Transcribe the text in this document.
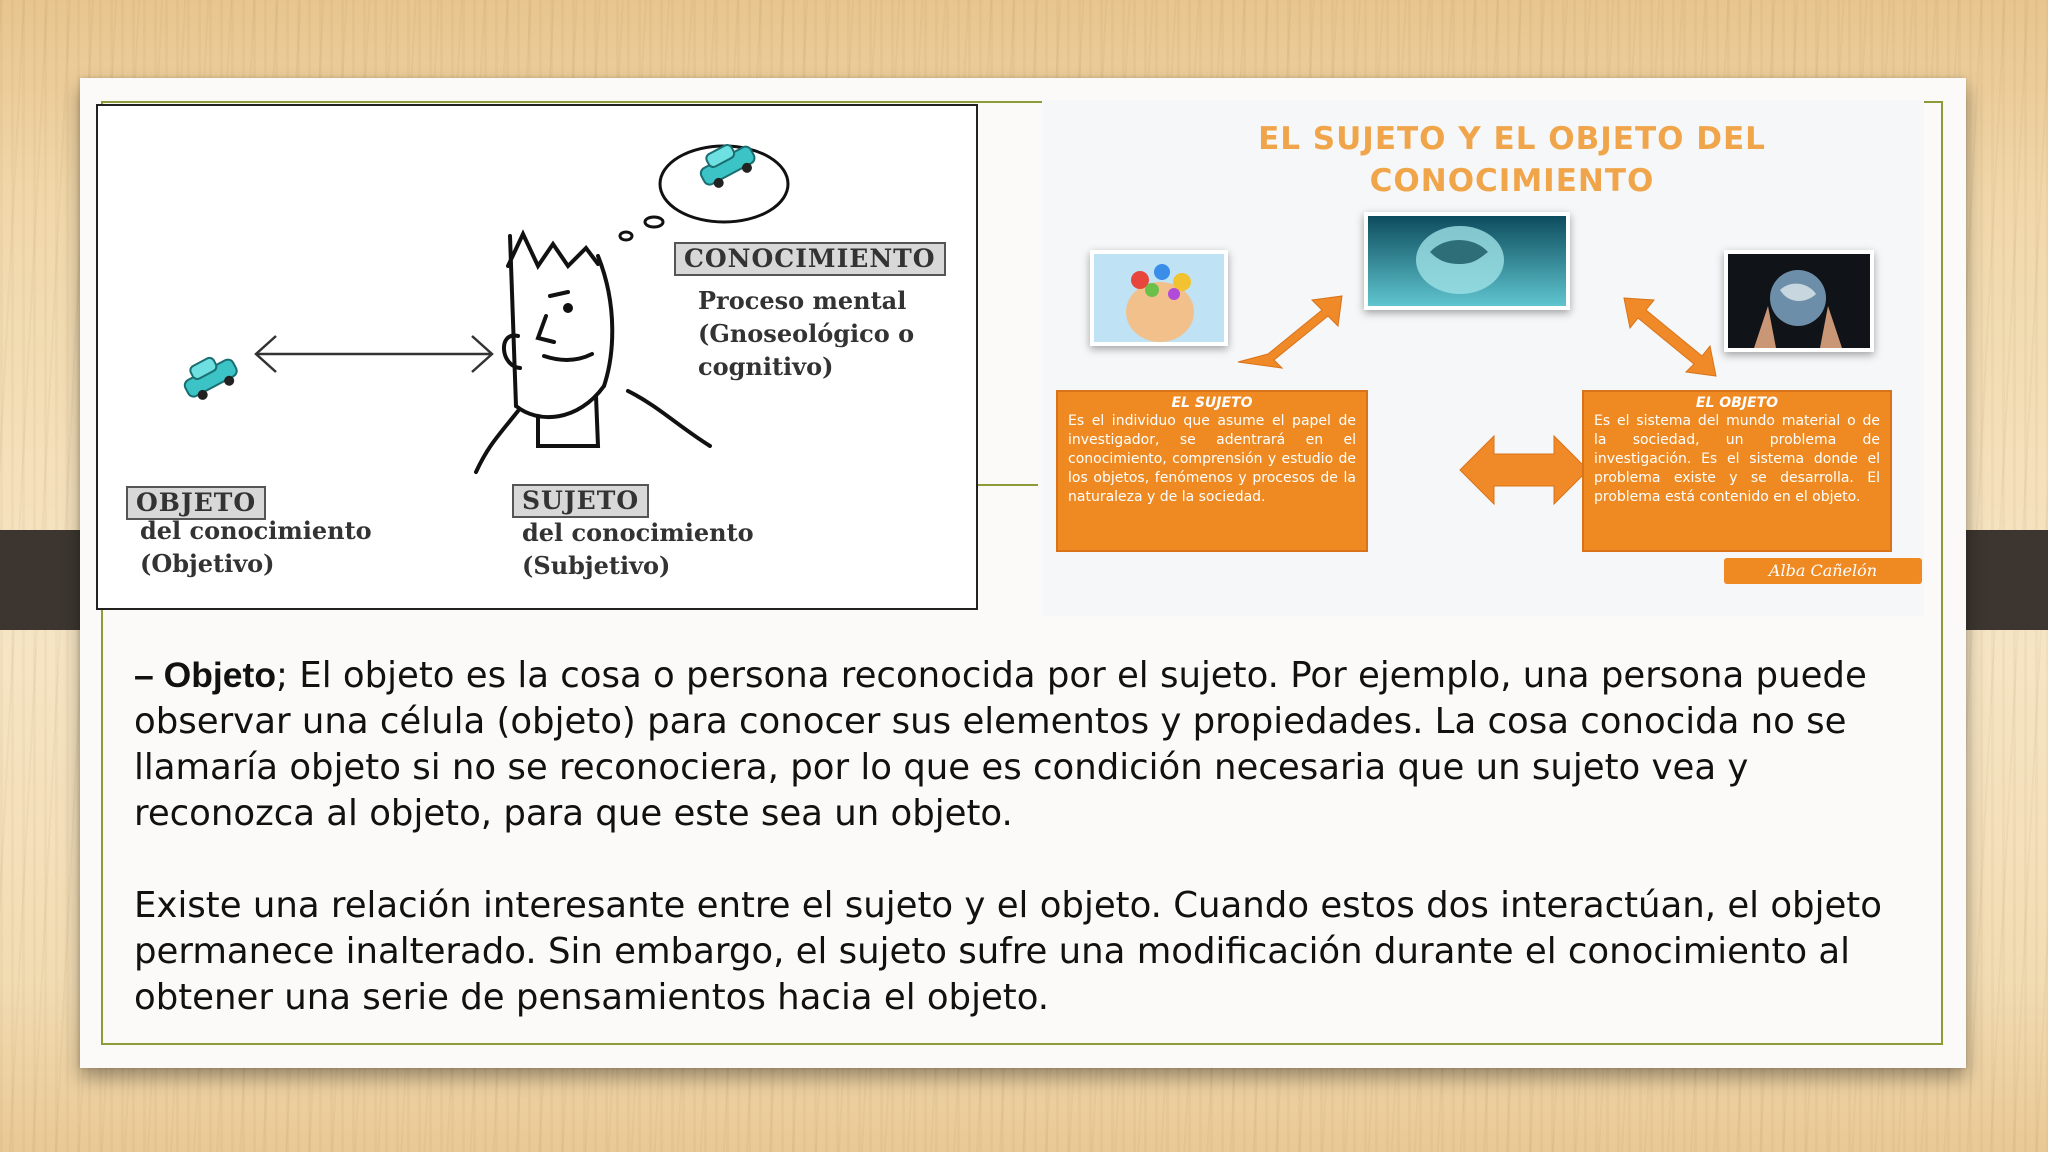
CONOCIMIENTO
Proceso mental
(Gnoseológico o
cognitivo)
OBJETO
del conocimiento
(Objetivo)
SUJETO
del conocimiento
(Subjetivo)
EL SUJETO Y EL OBJETO DEL
CONOCIMIENTO
EL SUJETO
Es el individuo que asume el papel de investigador, se adentrará en el conocimiento, comprensión y estudio de los objetos, fenómenos y procesos de la naturaleza y de la sociedad.
EL OBJETO
Es el sistema del mundo material o de la sociedad, un problema de investigación. Es el sistema donde el problema existe y se desarrolla. El problema está contenido en el objeto.
Alba Cañelón

– Objeto; El objeto es la cosa o persona reconocida por el sujeto. Por ejemplo, una persona puede observar una célula (objeto) para conocer sus elementos y propiedades. La cosa conocida no se llamaría objeto si no se reconociera, por lo que es condición necesaria que un sujeto vea y reconozca al objeto, para que este sea un objeto.

Existe una relación interesante entre el sujeto y el objeto. Cuando estos dos interactúan, el objeto permanece inalterado. Sin embargo, el sujeto sufre una modificación durante el conocimiento al obtener una serie de pensamientos hacia el objeto.
